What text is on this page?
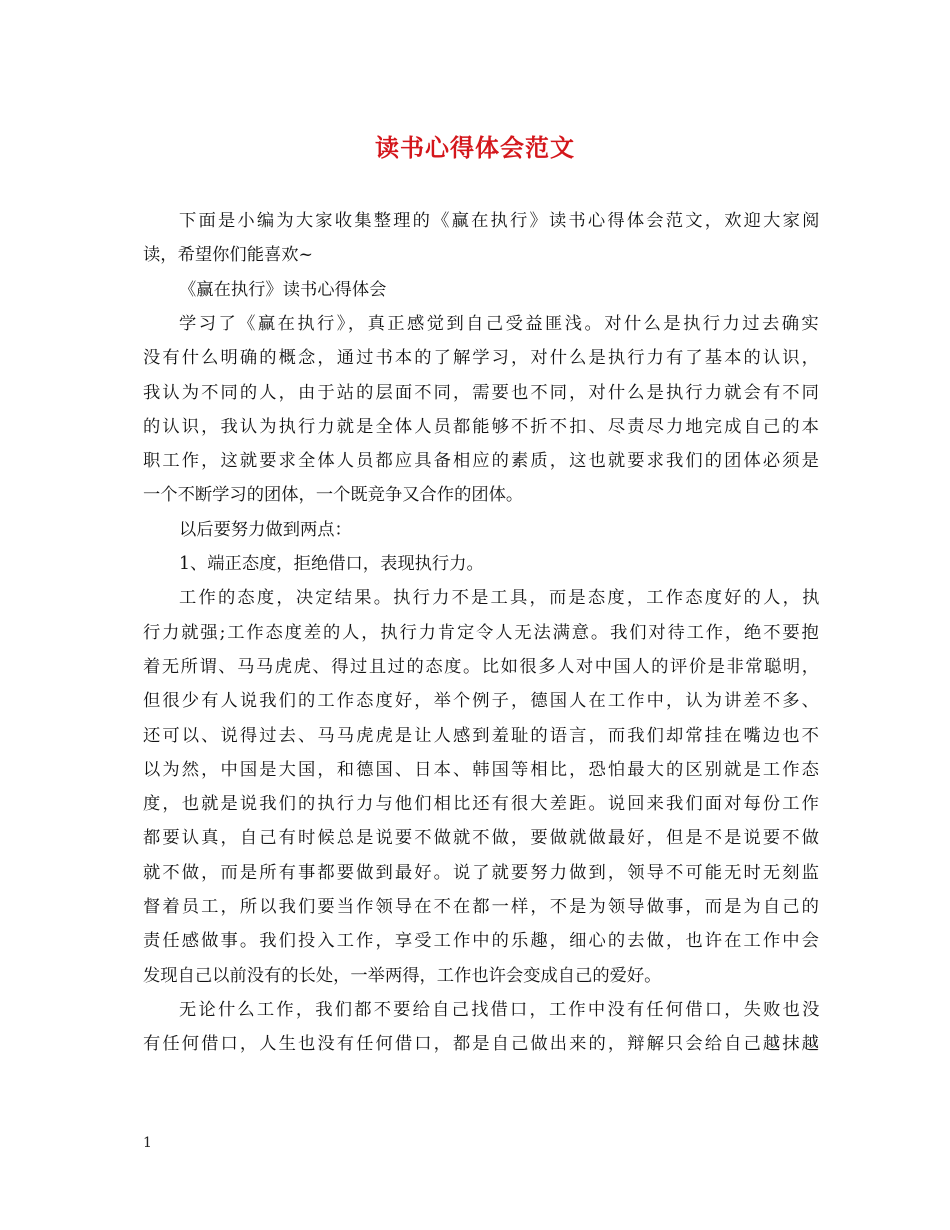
读书心得体会范文
下面是小编为大家收集整理的《赢在执行》读书心得体会范文，欢迎大家阅
读，希望你们能喜欢~
《赢在执行》读书心得体会
学习了《赢在执行》，真正感觉到自己受益匪浅。对什么是执行力过去确实
没有什么明确的概念，通过书本的了解学习，对什么是执行力有了基本的认识，
我认为不同的人，由于站的层面不同，需要也不同，对什么是执行力就会有不同
的认识，我认为执行力就是全体人员都能够不折不扣、尽责尽力地完成自己的本
职工作，这就要求全体人员都应具备相应的素质，这也就要求我们的团体必须是
一个不断学习的团体，一个既竞争又合作的团体。
以后要努力做到两点：
1、端正态度，拒绝借口，表现执行力。
工作的态度，决定结果。执行力不是工具，而是态度，工作态度好的人，执
行力就强;工作态度差的人，执行力肯定令人无法满意。我们对待工作，绝不要抱
着无所谓、马马虎虎、得过且过的态度。比如很多人对中国人的评价是非常聪明，
但很少有人说我们的工作态度好，举个例子，德国人在工作中，认为讲差不多、
还可以、说得过去、马马虎虎是让人感到羞耻的语言，而我们却常挂在嘴边也不
以为然，中国是大国，和德国、日本、韩国等相比，恐怕最大的区别就是工作态
度，也就是说我们的执行力与他们相比还有很大差距。说回来我们面对每份工作
都要认真，自己有时候总是说要不做就不做，要做就做最好，但是不是说要不做
就不做，而是所有事都要做到最好。说了就要努力做到，领导不可能无时无刻监
督着员工，所以我们要当作领导在不在都一样，不是为领导做事，而是为自己的
责任感做事。我们投入工作，享受工作中的乐趣，细心的去做，也许在工作中会
发现自己以前没有的长处，一举两得，工作也许会变成自己的爱好。
无论什么工作，我们都不要给自己找借口，工作中没有任何借口，失败也没
有任何借口，人生也没有任何借口，都是自己做出来的，辩解只会给自己越抹越
1
